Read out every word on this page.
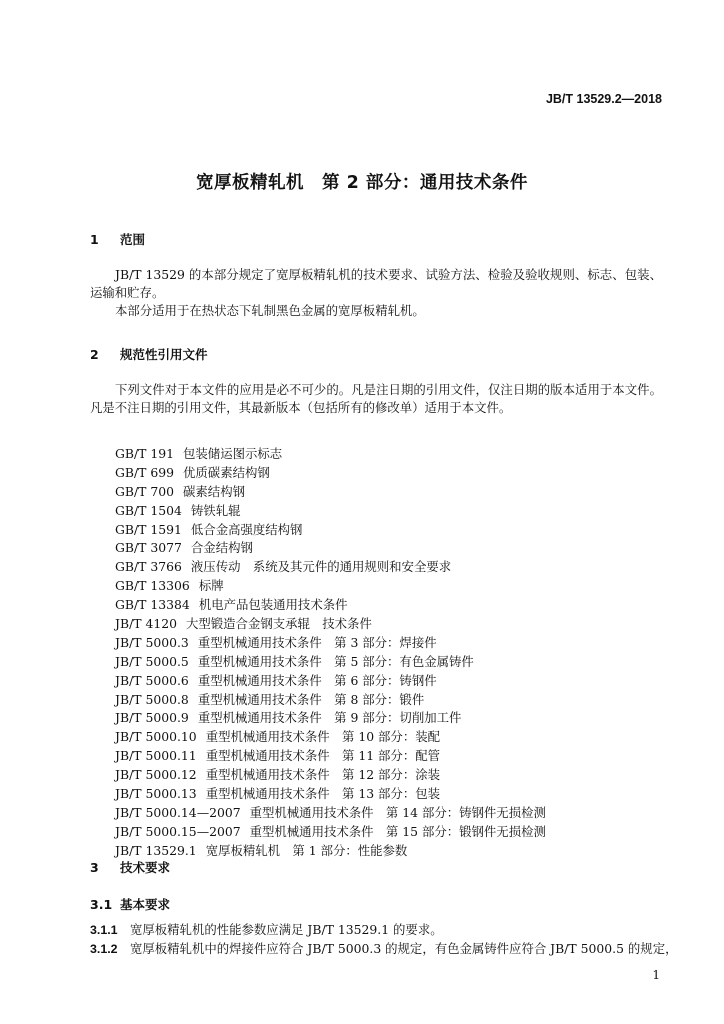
JB/T 13529.2—2018
宽厚板精轧机　第 2 部分：通用技术条件
1 范围
JB/T 13529 的本部分规定了宽厚板精轧机的技术要求、试验方法、检验及验收规则、标志、包装、运输和贮存。
本部分适用于在热状态下轧制黑色金属的宽厚板精轧机。
2 规范性引用文件
下列文件对于本文件的应用是必不可少的。凡是注日期的引用文件，仅注日期的版本适用于本文件。凡是不注日期的引用文件，其最新版本（包括所有的修改单）适用于本文件。
GB/T 191 包装储运图示标志
GB/T 699 优质碳素结构钢
GB/T 700 碳素结构钢
GB/T 1504 铸铁轧辊
GB/T 1591 低合金高强度结构钢
GB/T 3077 合金结构钢
GB/T 3766 液压传动　系统及其元件的通用规则和安全要求
GB/T 13306 标牌
GB/T 13384 机电产品包装通用技术条件
JB/T 4120 大型锻造合金钢支承辊　技术条件
JB/T 5000.3 重型机械通用技术条件　第 3 部分：焊接件
JB/T 5000.5 重型机械通用技术条件　第 5 部分：有色金属铸件
JB/T 5000.6 重型机械通用技术条件　第 6 部分：铸钢件
JB/T 5000.8 重型机械通用技术条件　第 8 部分：锻件
JB/T 5000.9 重型机械通用技术条件　第 9 部分：切削加工件
JB/T 5000.10 重型机械通用技术条件　第 10 部分：装配
JB/T 5000.11 重型机械通用技术条件　第 11 部分：配管
JB/T 5000.12 重型机械通用技术条件　第 12 部分：涂装
JB/T 5000.13 重型机械通用技术条件　第 13 部分：包装
JB/T 5000.14—2007 重型机械通用技术条件　第 14 部分：铸钢件无损检测
JB/T 5000.15—2007 重型机械通用技术条件　第 15 部分：锻钢件无损检测
JB/T 13529.1 宽厚板精轧机　第 1 部分：性能参数
3 技术要求
3.1 基本要求
3.1.1 宽厚板精轧机的性能参数应满足 JB/T 13529.1 的要求。
3.1.2 宽厚板精轧机中的焊接件应符合 JB/T 5000.3 的规定，有色金属铸件应符合 JB/T 5000.5 的规定，
1
